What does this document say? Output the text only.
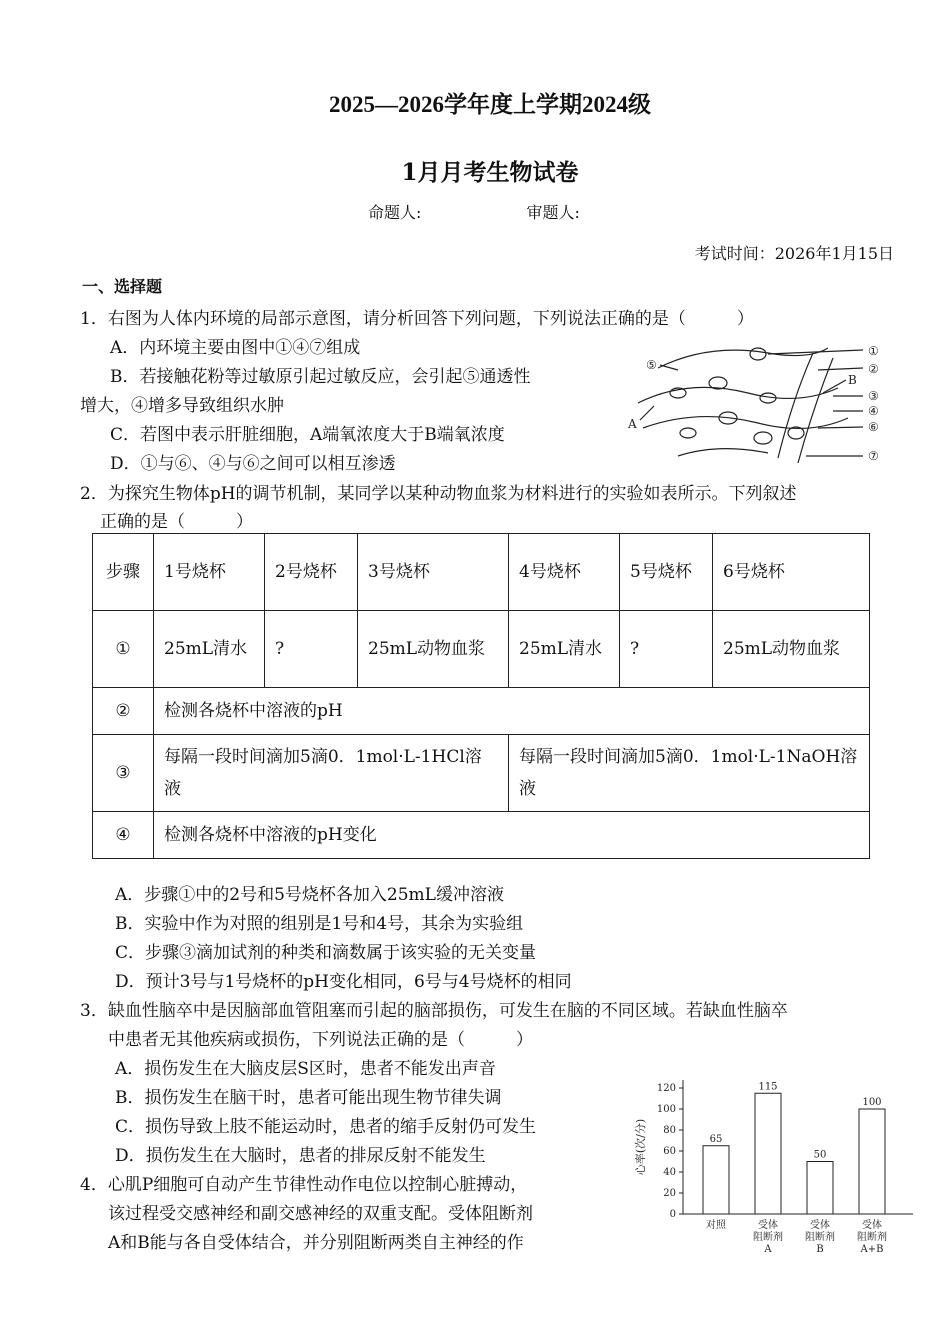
2025—2026学年度上学期2024级
1月月考生物试卷
命题人:	审题人:
考试时间：2026年1月15日
一、选择题
1．右图为人体内环境的局部示意图，请分析回答下列问题，下列说法正确的是（　　　）
A．内环境主要由图中①④⑦组成
B．若接触花粉等过敏原引起过敏反应，会引起⑤通透性
增大，④增多导致组织水肿
C．若图中表示肝脏细胞，A端氧浓度大于B端氧浓度
D．①与⑥、④与⑥之间可以相互渗透
①
②
③
④
⑤
⑥
⑦
A
B
2．为探究生物体pH的调节机制，某同学以某种动物血浆为材料进行的实验如表所示。下列叙述
正确的是（　　　）
步骤	1号烧杯	2号烧杯	3号烧杯	4号烧杯	5号烧杯	6号烧杯
①	25mL清水	?	25mL动物血浆	25mL清水	?	25mL动物血浆
②	检测各烧杯中溶液的pH					
③	每隔一段时间滴加5滴0．1mol·L-1HCl溶液			每隔一段时间滴加5滴0．1mol·L-1NaOH溶液		
④	检测各烧杯中溶液的pH变化					
A．步骤①中的2号和5号烧杯各加入25mL缓冲溶液
B．实验中作为对照的组别是1号和4号，其余为实验组
C．步骤③滴加试剂的种类和滴数属于该实验的无关变量
D．预计3号与1号烧杯的pH变化相同，6号与4号烧杯的相同
3．缺血性脑卒中是因脑部血管阻塞而引起的脑部损伤，可发生在脑的不同区域。若缺血性脑卒
中患者无其他疾病或损伤，下列说法正确的是（　　　）
A．损伤发生在大脑皮层S区时，患者不能发出声音
B．损伤发生在脑干时，患者可能出现生物节律失调
C．损伤导致上肢不能运动时，患者的缩手反射仍可发生
D．损伤发生在大脑时，患者的排尿反射不能发生
4．心肌P细胞可自动产生节律性动作电位以控制心脏搏动，
该过程受交感神经和副交感神经的双重支配。受体阻断剂
A和B能与各自受体结合，并分别阻断两类自主神经的作
0
20
40
60
80
100
120
65
对照
115
受体
阻断剂
A
50
受体
阻断剂
B
100
受体
阻断剂
A+B
心率(次/分)
